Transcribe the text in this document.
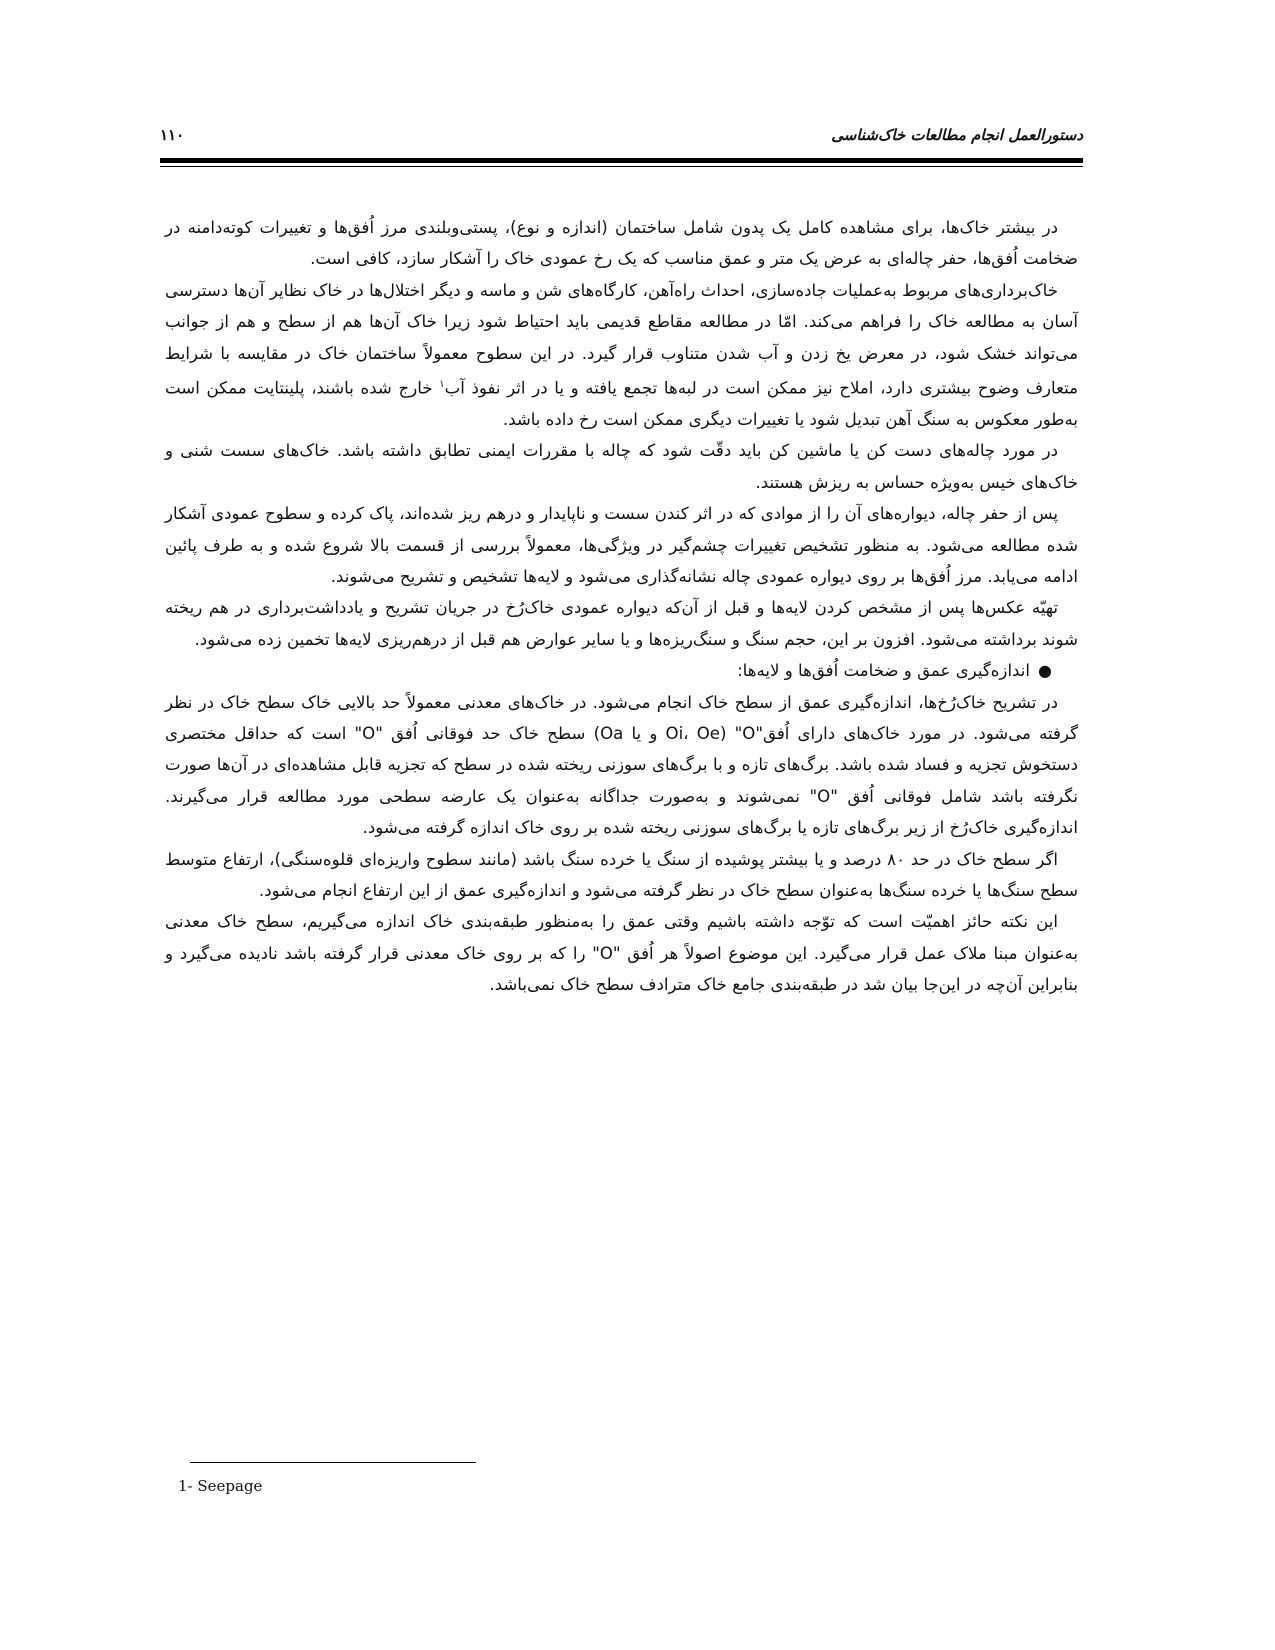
۱۱۰	دستورالعمل انجام مطالعات خاک‌شناسی

در بیشتر خاک‌ها، برای مشاهده کامل یک پدون شامل ساختمان (اندازه و نوع)، پستی‌وبلندی مرز اُفق‌ها و تغییرات کوته‌دامنه در ضخامت اُفق‌ها، حفر چاله‌ای به عرض یک متر و عمق مناسب که یک رخ عمودی خاک را آشکار سازد، کافی است.

خاک‌برداری‌های مربوط به‌عملیات جاده‌سازی، احداث راه‌آهن، کارگاه‌های شن و ماسه و دیگر اختلال‌ها در خاک نظایر آن‌ها دسترسی آسان به مطالعه خاک را فراهم می‌کند. امّا در مطالعه مقاطع قدیمی باید احتیاط شود زیرا خاک آن‌ها هم از سطح و هم از جوانب می‌تواند خشک شود، در معرض یخ زدن و آب شدن متناوب قرار گیرد. در این سطوح معمولاً ساختمان خاک در مقایسه با شرایط متعارف وضوح بیشتری دارد، املاح نیز ممکن است در لبه‌ها تجمع یافته و یا در اثر نفوذ آب$^۱$ خارج شده باشند، پلینتایت ممکن است به‌طور معکوس به سنگ آهن تبدیل شود یا تغییرات دیگری ممکن است رخ داده باشد.

در مورد چاله‌های دست کن یا ماشین کن باید دقّت شود که چاله با مقررات ایمنی تطابق داشته باشد. خاک‌های سست شنی و خاک‌های خیس به‌ویژه حساس به ریزش هستند.

پس از حفر چاله، دیواره‌های آن را از موادی که در اثر کندن سست و ناپایدار و درهم ریز شده‌اند، پاک کرده و سطوح عمودی آشکار شده مطالعه می‌شود. به منظور تشخیص تغییرات چشم‌گیر در ویژگی‌ها، معمولاً بررسی از قسمت بالا شروع شده و به طرف پائین ادامه می‌یابد. مرز اُفق‌ها بر روی دیواره عمودی چاله نشانه‌گذاری می‌شود و لایه‌ها تشخیص و تشریح می‌شوند.

تهیّه عکس‌ها پس از مشخص کردن لایه‌ها و قبل از آن‌که دیواره عمودی خاک‌رُخ در جریان تشریح و یادداشت‌برداری در هم ریخته شوند برداشته می‌شود. افزون بر این، حجم سنگ و سنگ‌ریزه‌ها و یا سایر عوارض هم قبل از درهم‌ریزی لایه‌ها تخمین زده می‌شود.

●
اندازه‌گیری عمق و ضخامت اُفق‌ها و لایه‌ها:

در تشریح خاک‌رُخ‌ها، اندازه‌گیری عمق از سطح خاک انجام می‌شود. در خاک‌های معدنی معمولاً حد بالایی خاک سطح خاک در نظر گرفته می‌شود. در مورد خاک‌های دارای اُفق"O" (Oi، Oe و یا Oa) سطح خاک حد فوقانی اُفق "O" است که حداقل مختصری دستخوش تجزیه و فساد شده باشد. برگ‌های تازه و با برگ‌های سوزنی ریخته شده در سطح که تجزیه قابل مشاهده‌ای در آن‌ها صورت نگرفته باشد شامل فوقانی اُفق "O" نمی‌شوند و به‌صورت جداگانه به‌عنوان یک عارضه سطحی مورد مطالعه قرار می‌گیرند. اندازه‌گیری خاک‌رُخ از زیر برگ‌های تازه یا برگ‌های سوزنی ریخته شده بر روی خاک اندازه گرفته می‌شود.

اگر سطح خاک در حد ۸۰ درصد و یا بیشتر پوشیده از سنگ یا خرده سنگ باشد (مانند سطوح واریزه‌ای قلوه‌سنگی)، ارتفاع متوسط سطح سنگ‌ها یا خرده سنگ‌ها به‌عنوان سطح خاک در نظر گرفته می‌شود و اندازه‌گیری عمق از این ارتفاع انجام می‌شود.

این نکته حائز اهمیّت است که توّجه داشته باشیم وقتی عمق را به‌منظور طبقه‌بندی خاک اندازه می‌گیریم، سطح خاک معدنی به‌عنوان مبنا ملاک عمل قرار می‌گیرد. این موضوع اصولاً هر اُفق "O" را که بر روی خاک معدنی قرار گرفته باشد نادیده می‌گیرد و بنابراین آن‌چه در این‌جا بیان شد در طبقه‌بندی جامع خاک مترادف سطح خاک نمی‌باشد.

1- Seepage
